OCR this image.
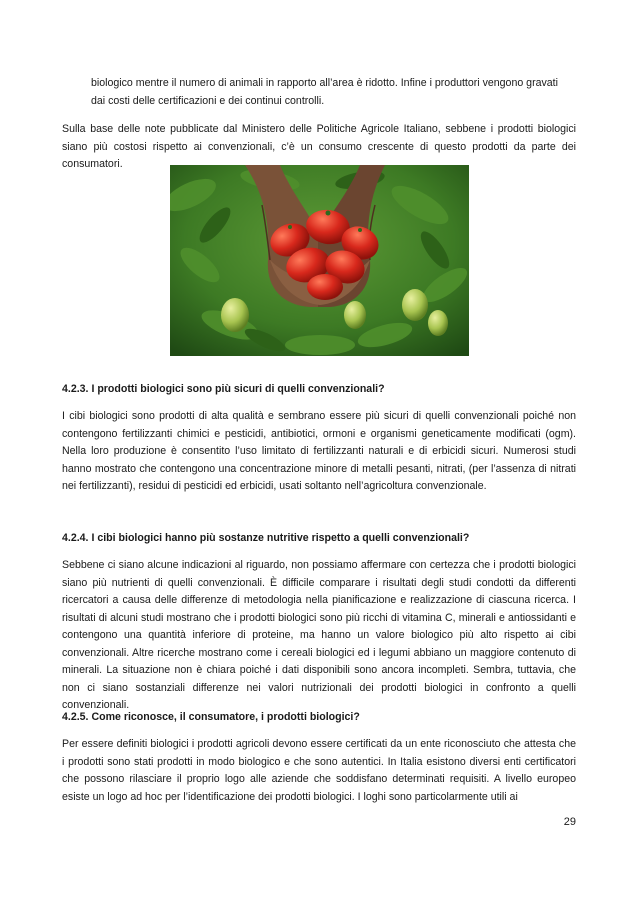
biologico mentre il numero di animali in rapporto all’area è ridotto. Infine i produttori vengono gravati dai costi delle certificazioni e dei continui controlli.

Sulla base delle note pubblicate dal Ministero delle Politiche Agricole Italiano, sebbene i prodotti biologici siano più costosi rispetto ai convenzionali, c’è un consumo crescente di questo prodotti da parte dei consumatori.

4.2.3. I prodotti biologici sono più sicuri di quelli convenzionali?

I cibi biologici sono prodotti di alta qualità e sembrano essere più sicuri di quelli convenzionali poiché non contengono fertilizzanti chimici e pesticidi, antibiotici, ormoni e organismi geneticamente modificati (ogm). Nella loro produzione è consentito l’uso limitato di fertilizzanti naturali e di erbicidi sicuri. Numerosi studi hanno mostrato che contengono una concentrazione minore di metalli pesanti, nitrati, (per l’assenza di nitrati nei fertilizzanti), residui di pesticidi ed erbicidi, usati soltanto nell’agricoltura convenzionale.

4.2.4. I cibi biologici hanno più sostanze nutritive rispetto a quelli convenzionali?

Sebbene ci siano alcune indicazioni al riguardo, non possiamo affermare con certezza che i prodotti biologici siano più nutrienti di quelli convenzionali. È difficile comparare i risultati degli studi condotti da differenti ricercatori a causa delle differenze di metodologia nella pianificazione e realizzazione di ciascuna ricerca. I risultati di alcuni studi mostrano che i prodotti biologici sono più ricchi di vitamina C, minerali e antiossidanti e contengono una quantità inferiore di proteine, ma hanno un valore biologico più alto rispetto ai cibi convenzionali. Altre ricerche mostrano come i cereali biologici ed i legumi abbiano un maggiore contenuto di minerali. La situazione non è chiara poiché i dati disponibili sono ancora incompleti. Sembra, tuttavia, che non ci siano sostanziali differenze nei valori nutrizionali dei prodotti biologici in confronto a quelli convenzionali.

4.2.5. Come riconosce, il consumatore, i prodotti biologici?

Per essere definiti biologici i prodotti agricoli devono essere certificati da un ente riconosciuto che attesta che i prodotti sono stati prodotti in modo biologico e che sono autentici. In Italia esistono diversi enti certificatori che possono rilasciare il proprio logo alle aziende che soddisfano determinati requisiti. A livello europeo esiste un logo ad hoc per l’identificazione dei prodotti biologici. I loghi sono particolarmente utili ai

29
